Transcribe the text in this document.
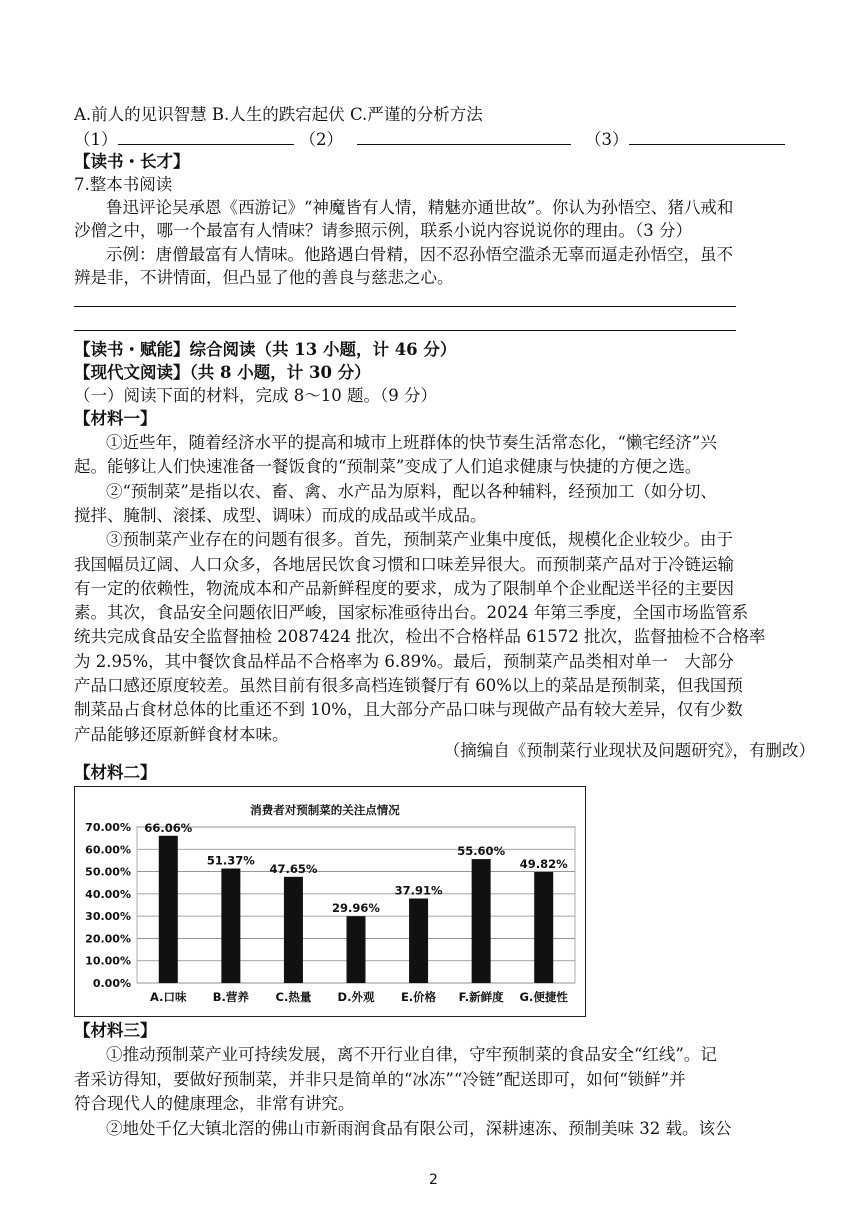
A.前人的见识智慧 B.人生的跌宕起伏 C.严谨的分析方法
（1）	（2）	（3）
【读书・长才】
7.整本书阅读
鲁迅评论吴承恩《西游记》“神魔皆有人情，精魅亦通世故”。你认为孙悟空、猪八戒和
沙僧之中，哪一个最富有人情味？请参照示例，联系小说内容说说你的理由。（3 分）
示例：唐僧最富有人情味。他路遇白骨精，因不忍孙悟空滥杀无辜而逼走孙悟空，虽不
辨是非，不讲情面，但凸显了他的善良与慈悲之心。
【读书・赋能】综合阅读（共 13 小题，计 46 分）
【现代文阅读】（共 8 小题，计 30 分）
（一）阅读下面的材料，完成 8～10 题。（9 分）
【材料一】
①近些年，随着经济水平的提高和城市上班群体的快节奏生活常态化，“懒宅经济”兴
起。能够让人们快速准备一餐饭食的“预制菜”变成了人们追求健康与快捷的方便之选。
②“预制菜”是指以农、畜、禽、水产品为原料，配以各种辅料，经预加工（如分切、
搅拌、腌制、滚揉、成型、调味）而成的成品或半成品。
③预制菜产业存在的问题有很多。首先，预制菜产业集中度低，规模化企业较少。由于
我国幅员辽阔、人口众多，各地居民饮食习惯和口味差异很大。而预制菜产品对于冷链运输
有一定的依赖性，物流成本和产品新鲜程度的要求，成为了限制单个企业配送半径的主要因
素。其次，食品安全问题依旧严峻，国家标准亟待出台。2024 年第三季度，全国市场监管系
统共完成食品安全监督抽检 2087424 批次，检出不合格样品 61572 批次，监督抽检不合格率
为 2.95%，其中餐饮食品样品不合格率为 6.89%。最后，预制菜产品类相对单一　大部分
产品口感还原度较差。虽然目前有很多高档连锁餐厅有 60%以上的菜品是预制菜，但我国预
制菜品占食材总体的比重还不到 10%，且大部分产品口味与现做产品有较大差异，仅有少数
产品能够还原新鲜食材本味。
（摘编自《预制菜行业现状及问题研究》，有删改）
【材料二】
消费者对预制菜的关注点情况
0.00%
10.00%
20.00%
30.00%
40.00%
50.00%
60.00%
70.00% 66.06%
A.口味
51.37%
B.营养
47.65%
C.热量
29.96%
D.外观
37.91%
E.价格
55.60%
F.新鲜度
49.82%
G.便捷性
【材料三】
①推动预制菜产业可持续发展，离不开行业自律，守牢预制菜的食品安全“红线”。记
者采访得知，要做好预制菜，并非只是简单的“冰冻”“冷链”配送即可，如何“锁鲜”并
符合现代人的健康理念，非常有讲究。
②地处千亿大镇北滘的佛山市新雨润食品有限公司，深耕速冻、预制美味 32 载。该公
2
